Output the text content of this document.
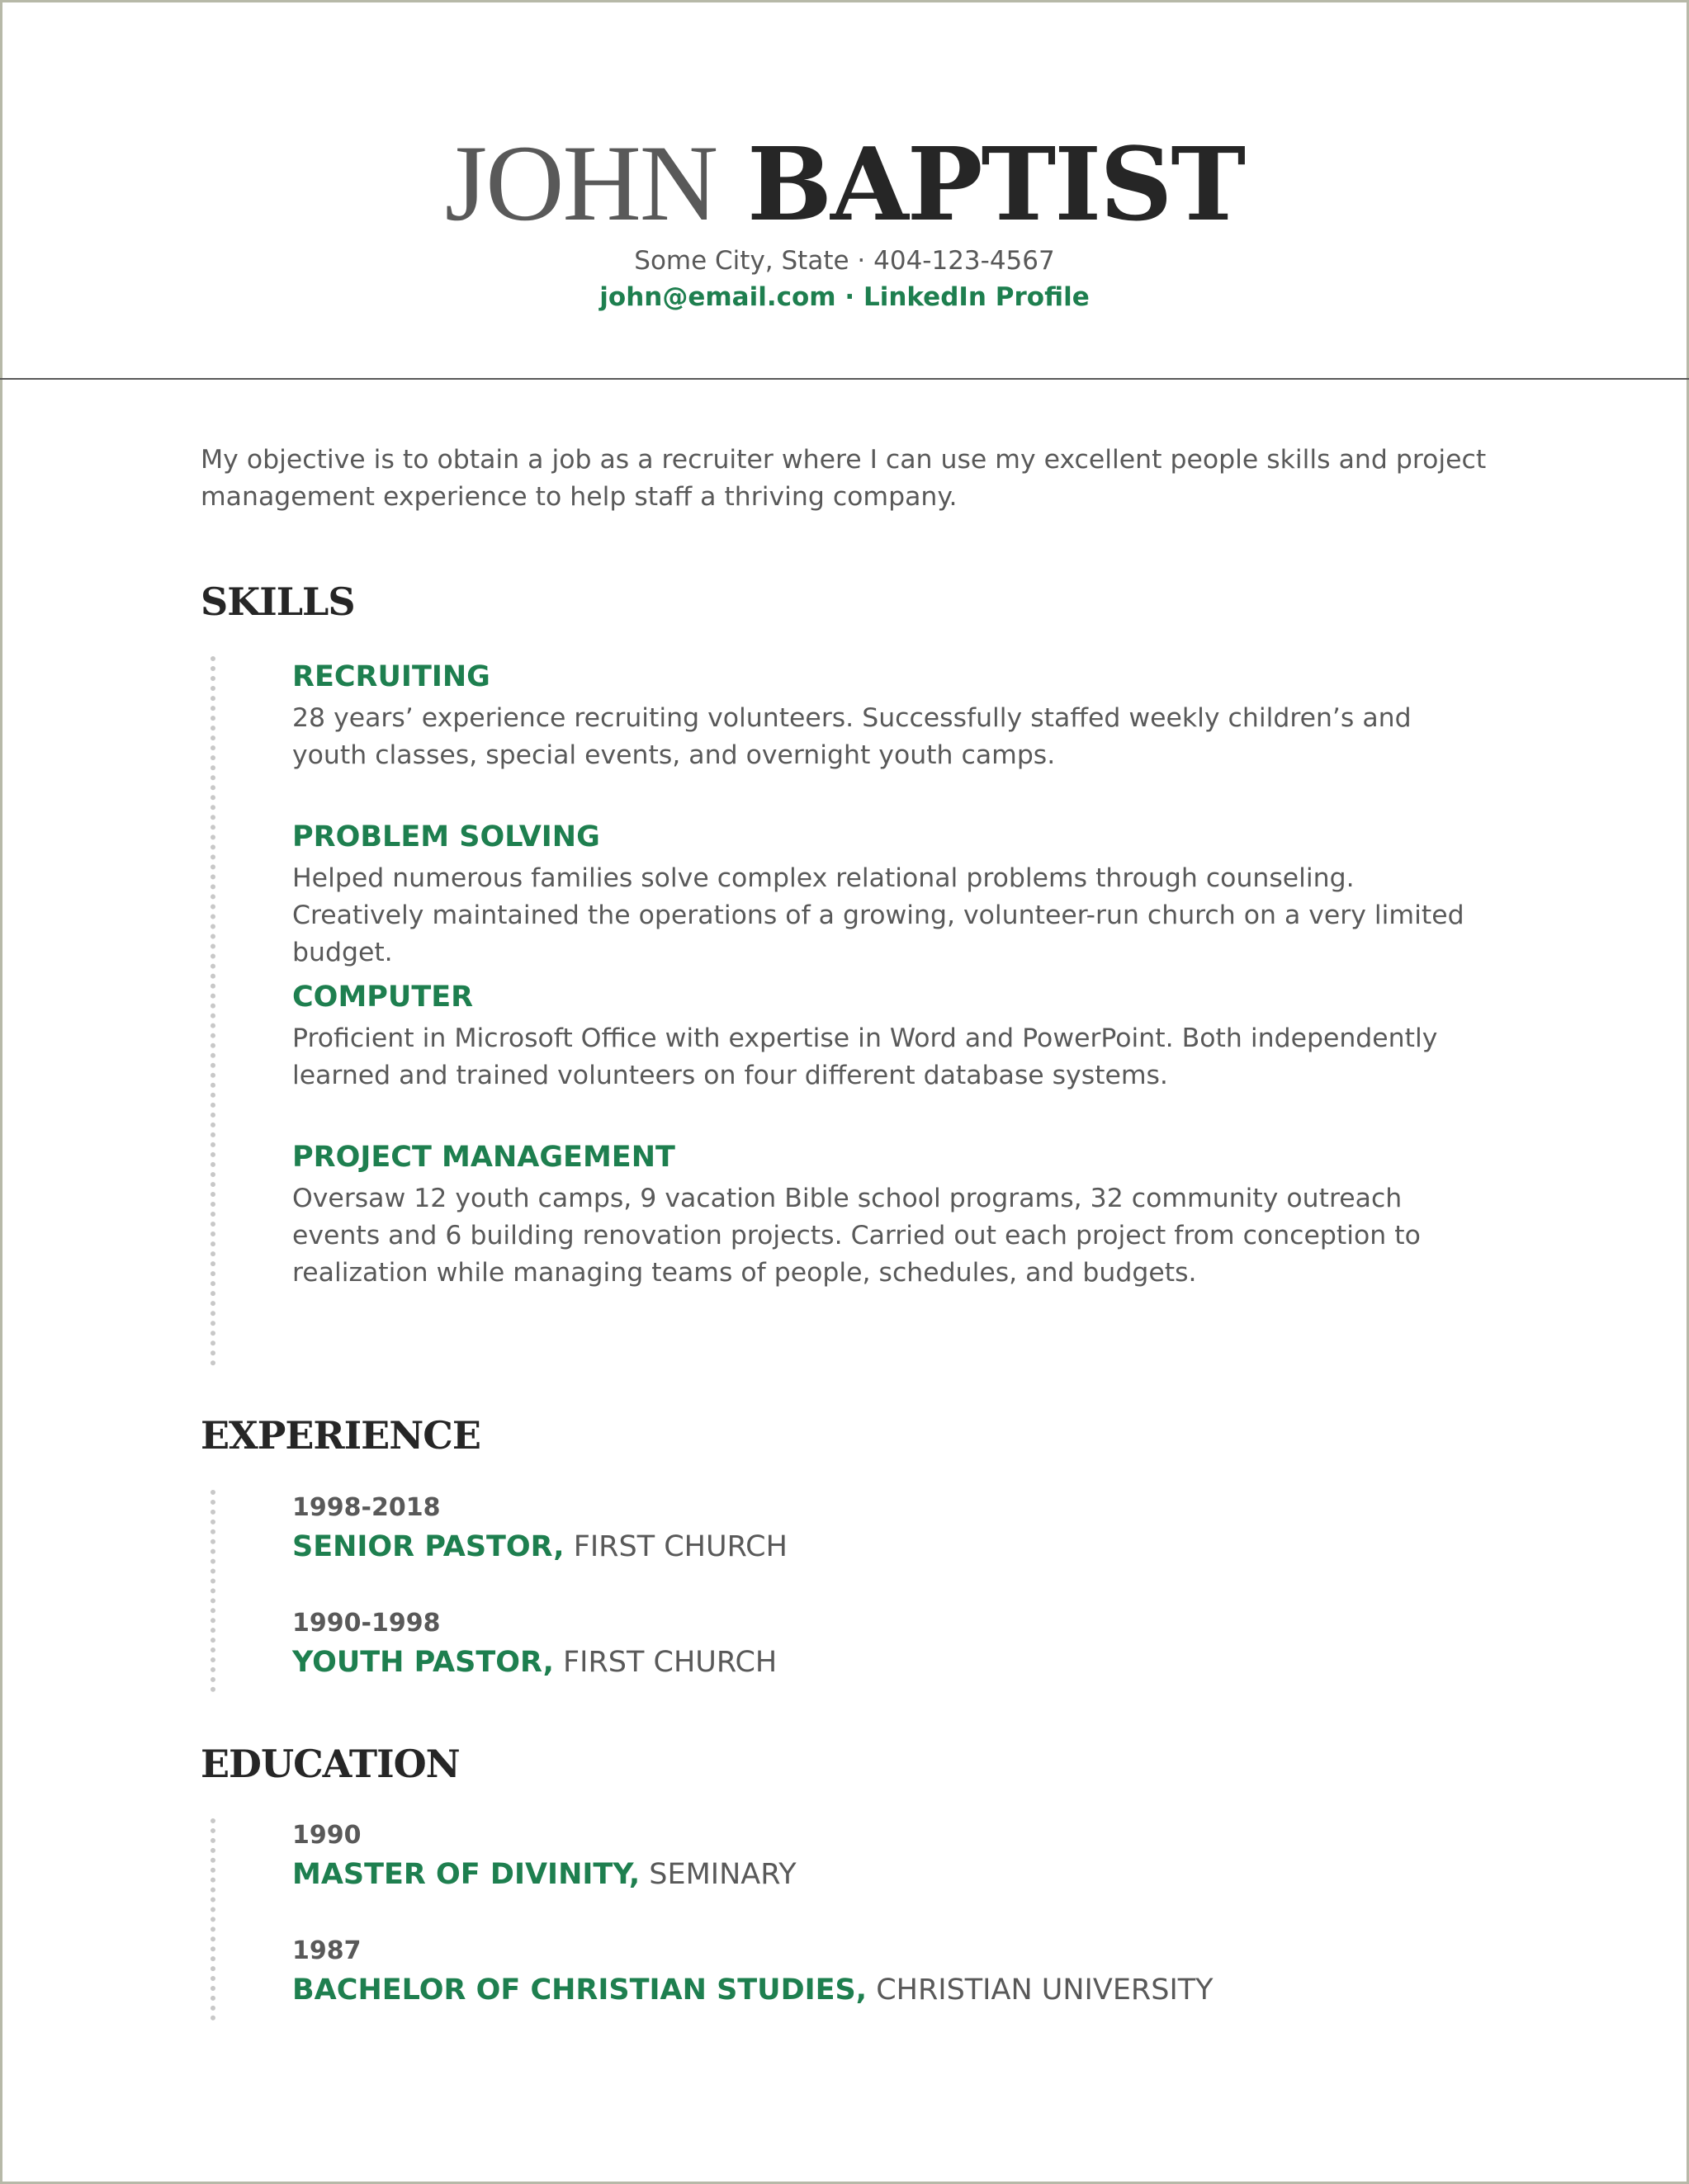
JOHN BAPTIST
Some City, State · 404-123-4567
john@email.com · LinkedIn Profile
My objective is to obtain a job as a recruiter where I can use my excellent people skills and project management experience to help staff a thriving company.
SKILLS
RECRUITING
28 years’ experience recruiting volunteers. Successfully staffed weekly children’s and youth classes, special events, and overnight youth camps.
PROBLEM SOLVING
Helped numerous families solve complex relational problems through counseling. Creatively maintained the operations of a growing, volunteer-run church on a very limited budget.
COMPUTER
Proficient in Microsoft Office with expertise in Word and PowerPoint. Both independently learned and trained volunteers on four different database systems.
PROJECT MANAGEMENT
Oversaw 12 youth camps, 9 vacation Bible school programs, 32 community outreach events and 6 building renovation projects. Carried out each project from conception to realization while managing teams of people, schedules, and budgets.
EXPERIENCE
1998-2018
SENIOR PASTOR, FIRST CHURCH
1990-1998
YOUTH PASTOR, FIRST CHURCH
EDUCATION
1990
MASTER OF DIVINITY, SEMINARY
1987
BACHELOR OF CHRISTIAN STUDIES, CHRISTIAN UNIVERSITY
